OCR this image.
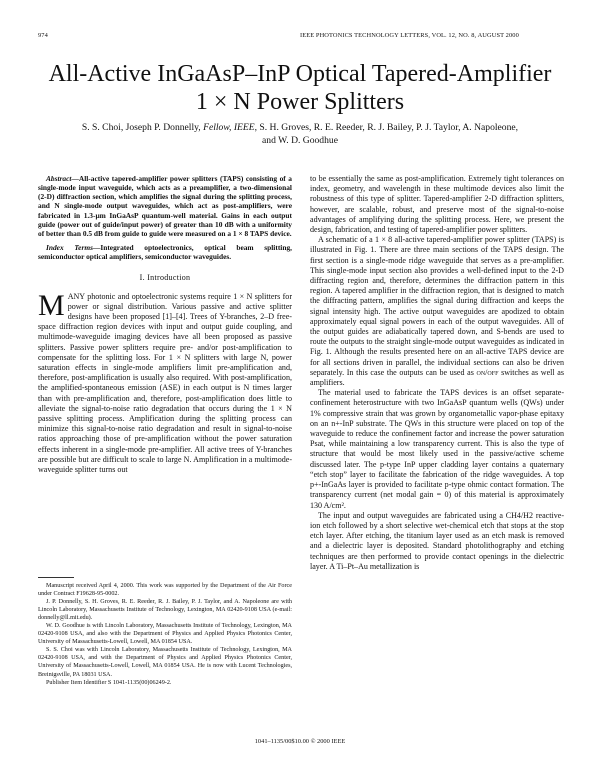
974	IEEE PHOTONICS TECHNOLOGY LETTERS, VOL. 12, NO. 8, AUGUST 2000
All-Active InGaAsP–InP Optical Tapered-Amplifier
1 × N Power Splitters
S. S. Choi, Joseph P. Donnelly, Fellow, IEEE, S. H. Groves, R. E. Reeder, R. J. Bailey, P. J. Taylor, A. Napoleone,
and W. D. Goodhue

Abstract—All-active tapered-amplifier power splitters (TAPS) consisting of a single-mode input waveguide, which acts as a preamplifier, a two-dimensional (2-D) diffraction section, which amplifies the signal during the splitting process, and N single-mode output waveguides, which act as post-amplifiers, were fabricated in 1.3-μm InGaAsP quantum-well material. Gains in each output guide (power out of guide/input power) of greater than 10 dB with a uniformity of better than 0.5 dB from guide to guide were measured on a 1 × 8 TAPS device.

Index Terms—Integrated optoelectronics, optical beam splitting, semiconductor optical amplifiers, semiconductor waveguides.

I. Introduction

MANY photonic and optoelectronic systems require 1 × N splitters for power or signal distribution. Various passive and active splitter designs have been proposed [1]–[4]. Trees of Y-branches, 2–D free-space diffraction region devices with input and output guide coupling, and multimode-waveguide imaging devices have all been proposed as passive splitters. Passive power splitters require pre- and/or post-amplification to compensate for the splitting loss. For 1 × N splitters with large N, power saturation effects in single-mode amplifiers limit pre-amplification and, therefore, post-amplification is usually also required. With post-amplification, the amplified-spontaneous emission (ASE) in each output is N times larger than with pre-amplification and, therefore, post-amplification does little to alleviate the signal-to-noise ratio degradation that occurs during the 1 × N passive splitting process. Amplification during the splitting process can minimize this signal-to-noise ratio degradation and result in signal-to-noise ratios approaching those of pre-amplification without the power saturation effects inherent in a single-mode pre-amplifier. All active trees of Y-branches are possible but are difficult to scale to large N. Amplification in a multimode-waveguide splitter turns out

Manuscript received April 4, 2000. This work was supported by the Department of the Air Force under Contract F19628-95-0002.

J. P. Donnelly, S. H. Groves, R. E. Reeder, R. J. Bailey, P. J. Taylor, and A. Napoleone are with Lincoln Laboratory, Massachusetts Institute of Technology, Lexington, MA 02420-9108 USA (e-mail: donnelly@ll.mit.edu).

W. D. Goodhue is with Lincoln Laboratory, Massachusetts Institute of Technology, Lexington, MA 02420-9108 USA, and also with the Department of Physics and Applied Physics Photonics Center, University of Massachusetts-Lowell, Lowell, MA 01854 USA.

S. S. Choi was with Lincoln Laboratory, Massachusetts Institute of Technology, Lexington, MA 02420-9108 USA, and with the Department of Physics and Applied Physics Photonics Center, University of Massachusetts-Lowell, Lowell, MA 01854 USA. He is now with Lucent Technologies, Breinigsville, PA 18031 USA.

Publisher Item Identifier S 1041-1135(00)06249-2.

to be essentially the same as post-amplification. Extremely tight tolerances on index, geometry, and wavelength in these multimode devices also limit the robustness of this type of splitter. Tapered-amplifier 2-D diffraction splitters, however, are scalable, robust, and preserve most of the signal-to-noise advantages of amplifying during the splitting process. Here, we present the design, fabrication, and testing of tapered-amplifier power splitters.

A schematic of a 1 × 8 all-active tapered-amplifier power splitter (TAPS) is illustrated in Fig. 1. There are three main sections of the TAPS design. The first section is a single-mode ridge waveguide that serves as a pre-amplifier. This single-mode input section also provides a well-defined input to the 2-D diffracting region and, therefore, determines the diffraction pattern in this region. A tapered amplifier in the diffraction region, that is designed to match the diffracting pattern, amplifies the signal during diffraction and keeps the signal intensity high. The active output waveguides are apodized to obtain approximately equal signal powers in each of the output waveguides. All of the output guides are adiabatically tapered down, and S-bends are used to route the outputs to the straight single-mode output waveguides as indicated in Fig. 1. Although the results presented here on an all-active TAPS device are for all sections driven in parallel, the individual sections can also be driven separately. In this case the outputs can be used as on/off switches as well as amplifiers.

The material used to fabricate the TAPS devices is an offset separate-confinement heterostructure with two InGaAsP quantum wells (QWs) under 1% compressive strain that was grown by organometallic vapor-phase epitaxy on an n+-InP substrate. The QWs in this structure were placed on top of the waveguide to reduce the confinement factor and increase the power saturation Psat, while maintaining a low transparency current. This is also the type of structure that would be most likely used in the passive/active scheme discussed later. The p-type InP upper cladding layer contains a quaternary “etch stop” layer to facilitate the fabrication of the ridge waveguides. A top p+-InGaAs layer is provided to facilitate p-type ohmic contact formation. The transparency current (net modal gain = 0) of this material is approximately 130 A/cm².

The input and output waveguides are fabricated using a CH4/H2 reactive-ion etch followed by a short selective wet-chemical etch that stops at the stop etch layer. After etching, the titanium layer used as an etch mask is removed and a dielectric layer is deposited. Standard photolithography and etching techniques are then performed to provide contact openings in the dielectric layer. A Ti–Pt–Au metallization is

1041–1135/00$10.00 © 2000 IEEE
